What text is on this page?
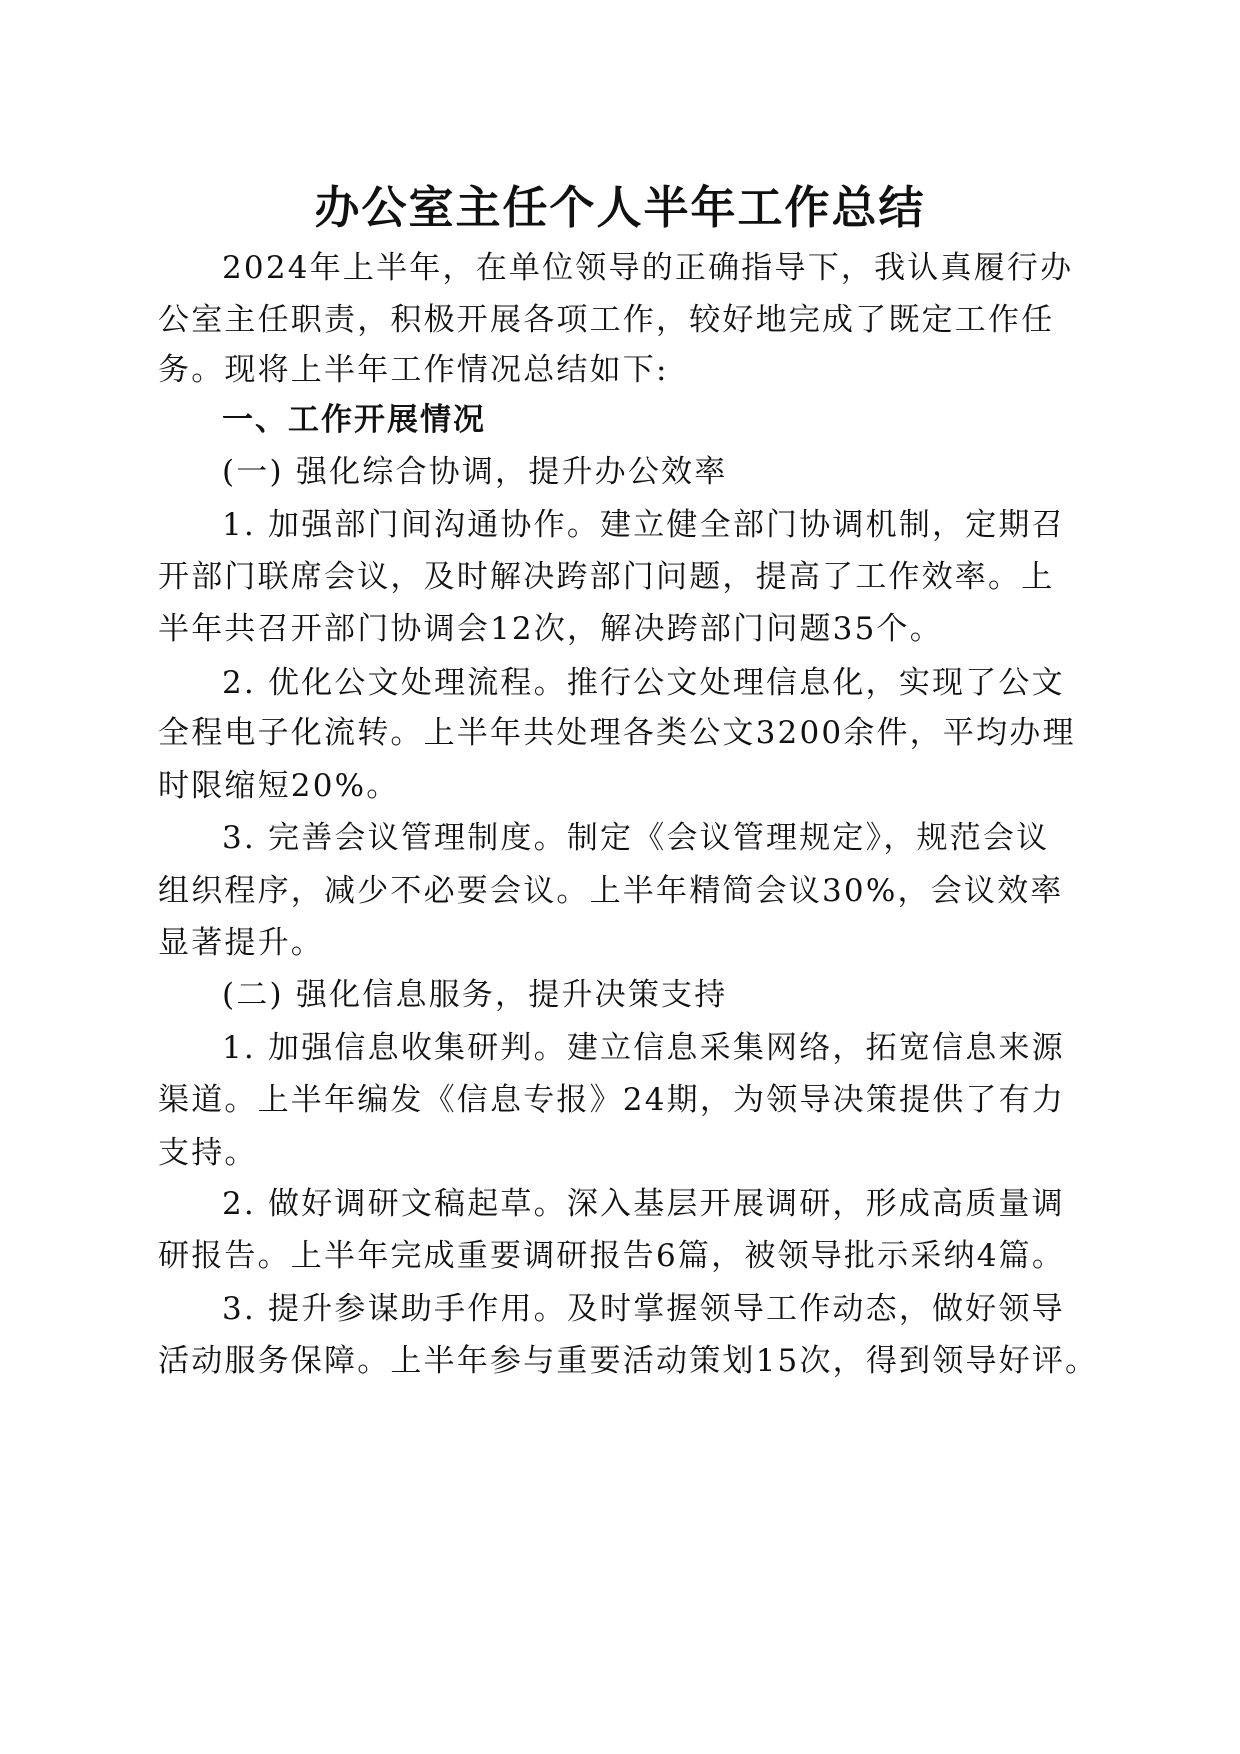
办公室主任个人半年工作总结

2024年上半年，在单位领导的正确指导下，我认真履行办

公室主任职责，积极开展各项工作，较好地完成了既定工作任

务。现将上半年工作情况总结如下:

一、工作开展情况

(一) 强化综合协调，提升办公效率

1. 加强部门间沟通协作。建立健全部门协调机制，定期召

开部门联席会议，及时解决跨部门问题，提高了工作效率。上

半年共召开部门协调会12次，解决跨部门问题35个。

2. 优化公文处理流程。推行公文处理信息化，实现了公文

全程电子化流转。上半年共处理各类公文3200余件，平均办理

时限缩短20%。

3. 完善会议管理制度。制定《会议管理规定》，规范会议

组织程序，减少不必要会议。上半年精简会议30%，会议效率

显著提升。

(二) 强化信息服务，提升决策支持

1. 加强信息收集研判。建立信息采集网络，拓宽信息来源

渠道。上半年编发《信息专报》24期，为领导决策提供了有力

支持。

2. 做好调研文稿起草。深入基层开展调研，形成高质量调

研报告。上半年完成重要调研报告6篇，被领导批示采纳4篇。

3. 提升参谋助手作用。及时掌握领导工作动态，做好领导

活动服务保障。上半年参与重要活动策划15次，得到领导好评。
